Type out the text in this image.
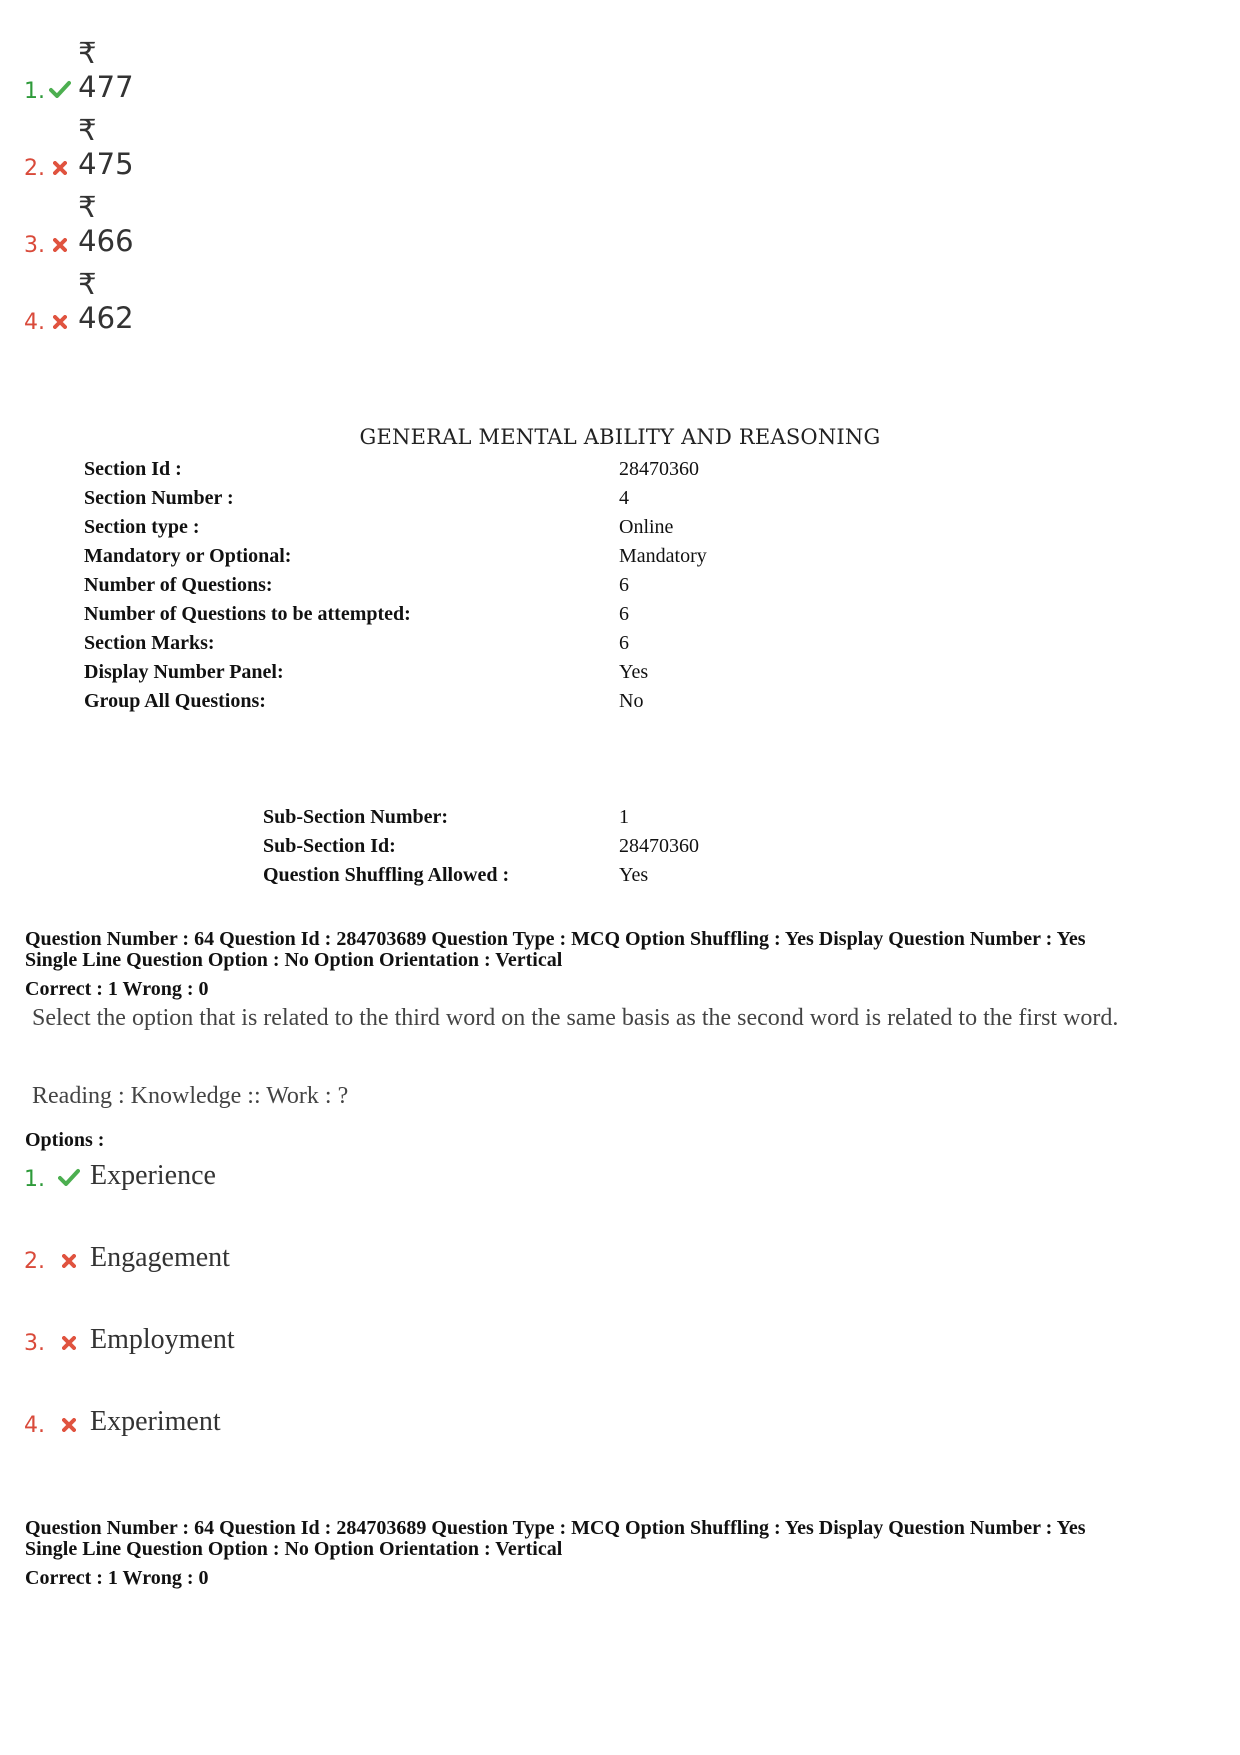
1.
₹ 477
2.
₹ 475
3.
₹ 466
4.
₹ 462
GENERAL MENTAL ABILITY AND REASONING
Section Id :	28470360
Section Number :	4
Section type :	Online
Mandatory or Optional:	Mandatory
Number of Questions:	6
Number of Questions to be attempted:	6
Section Marks:	6
Display Number Panel:	Yes
Group All Questions:	No
Sub-Section Number:	1
Sub-Section Id:	28470360
Question Shuffling Allowed :	Yes
Question Number : 64 Question Id : 284703689 Question Type : MCQ Option Shuffling : Yes Display Question Number : Yes
Single Line Question Option : No Option Orientation : Vertical
Correct : 1 Wrong : 0
Select the option that is related to the third word on the same basis as the second word is related to the first word.
Reading : Knowledge :: Work : ?
Options :
1. Experience
2. Engagement
3. Employment
4. Experiment
Question Number : 64 Question Id : 284703689 Question Type : MCQ Option Shuffling : Yes Display Question Number : Yes
Single Line Question Option : No Option Orientation : Vertical
Correct : 1 Wrong : 0
